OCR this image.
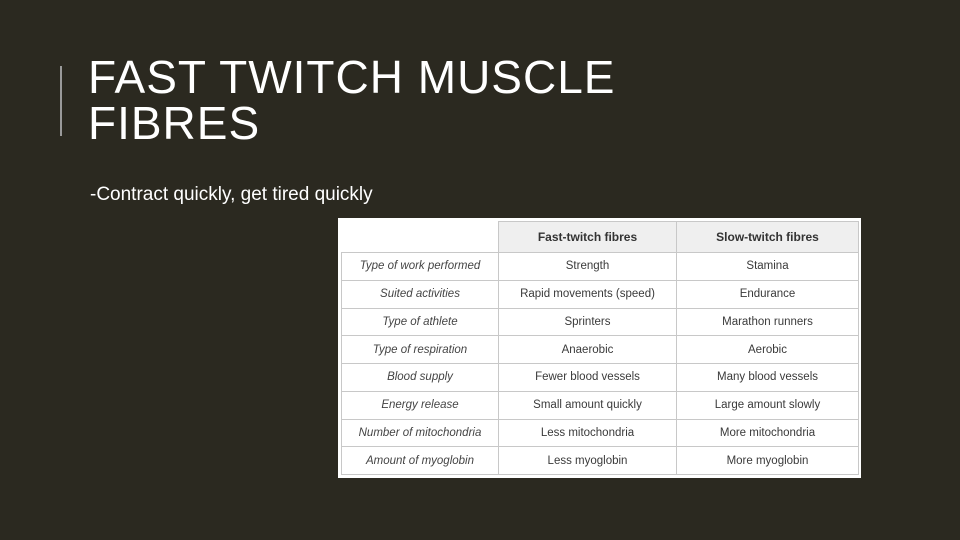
FAST TWITCH MUSCLE
FIBRES

-Contract quickly, get tired quickly

	Fast-twitch fibres	Slow-twitch fibres
Type of work performed	Strength	Stamina
Suited activities	Rapid movements (speed)	Endurance
Type of athlete	Sprinters	Marathon runners
Type of respiration	Anaerobic	Aerobic
Blood supply	Fewer blood vessels	Many blood vessels
Energy release	Small amount quickly	Large amount slowly
Number of mitochondria	Less mitochondria	More mitochondria
Amount of myoglobin	Less myoglobin	More myoglobin
